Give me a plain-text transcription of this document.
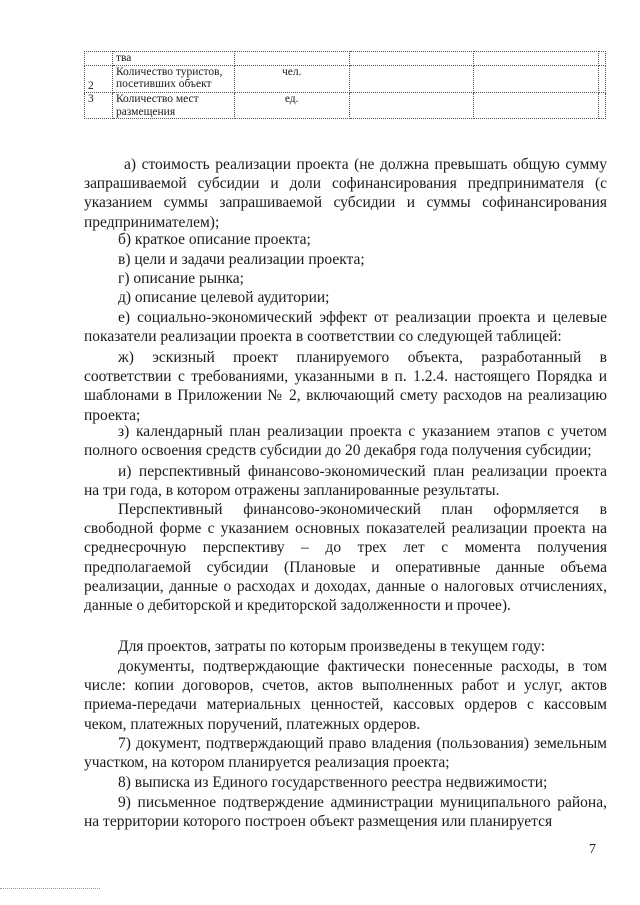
	тва				
2	Количество туристов, посетивших объект	чел.			
3	Количество мест размещения	ед.			

а) стоимость реализации проекта (не должна превышать общую сумму запрашиваемой субсидии и доли софинансирования предпринимателя (с указанием суммы запрашиваемой субсидии и суммы софинансирования предпринимателем);

б) краткое описание проекта;

в) цели и задачи реализации проекта;

г) описание рынка;

д) описание целевой аудитории;

е) социально-экономический эффект от реализации проекта и целевые показатели реализации проекта в соответствии со следующей таблицей:

ж) эскизный проект планируемого объекта, разработанный в соответствии с требованиями, указанными в п. 1.2.4. настоящего Порядка и шаблонами в Приложении № 2, включающий смету расходов на реализацию проекта;

з) календарный план реализации проекта с указанием этапов с учетом полного освоения средств субсидии до 20 декабря года получения субсидии;

и) перспективный финансово-экономический план реализации проекта на три года, в котором отражены запланированные результаты.

Перспективный финансово-экономический план оформляется в свободной форме с указанием основных показателей реализации проекта на среднесрочную перспективу – до трех лет с момента получения предполагаемой субсидии (Плановые и оперативные данные объема реализации, данные о расходах и доходах, данные о налоговых отчислениях, данные о дебиторской и кредиторской задолженности и прочее).

Для проектов, затраты по которым произведены в текущем году:

документы, подтверждающие фактически понесенные расходы, в том числе: копии договоров, счетов, актов выполненных работ и услуг, актов приема-передачи материальных ценностей, кассовых ордеров с кассовым чеком, платежных поручений, платежных ордеров.

7) документ, подтверждающий право владения (пользования) земельным участком, на котором планируется реализация проекта;

8) выписка из Единого государственного реестра недвижимости;

9) письменное подтверждение администрации муниципального района, на территории которого построен объект размещения или планируется

7
